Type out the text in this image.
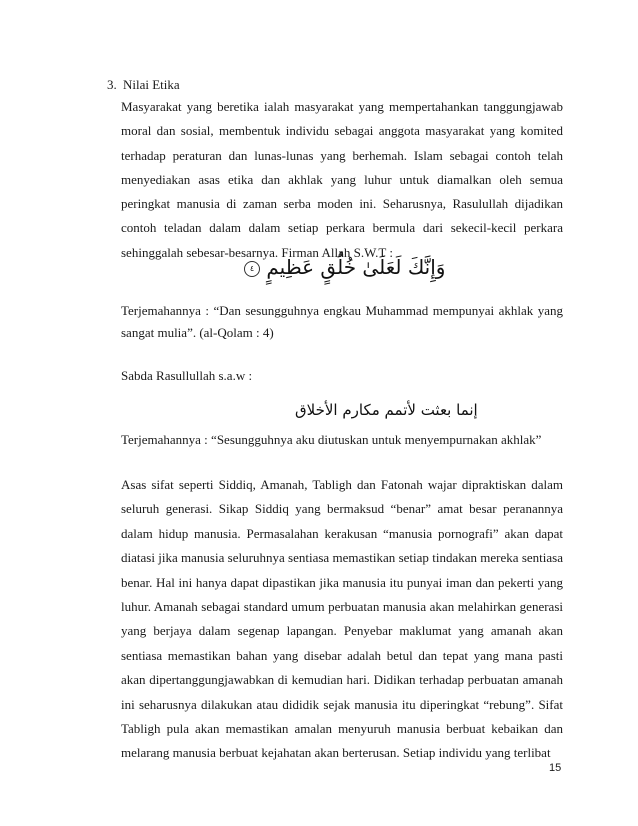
3. Nilai Etika

Masyarakat yang beretika ialah masyarakat yang mempertahankan tanggungjawab moral dan sosial, membentuk individu sebagai anggota masyarakat yang komited terhadap peraturan dan lunas-lunas yang berhemah. Islam sebagai contoh telah menyediakan asas etika dan akhlak yang luhur untuk diamalkan oleh semua peringkat manusia di zaman serba moden ini. Seharusnya, Rasulullah dijadikan contoh teladan dalam dalam setiap perkara bermula dari sekecil-kecil perkara sehinggalah sebesar-besarnya. Firman Allah S.W.T :

وَإِنَّكَ لَعَلَىٰ خُلُقٍ عَظِيمٍ ٤

Terjemahannya : “Dan sesungguhnya engkau Muhammad mempunyai akhlak yang sangat mulia”. (al-Qolam : 4)

Sabda Rasullullah s.a.w :

إنما بعثت لأتمم مكارم الأخلاق

Terjemahannya : “Sesungguhnya aku diutuskan untuk menyempurnakan akhlak”

Asas sifat seperti Siddiq, Amanah, Tabligh dan Fatonah wajar dipraktiskan dalam seluruh generasi. Sikap Siddiq yang bermaksud “benar” amat besar peranannya dalam hidup manusia. Permasalahan kerakusan “manusia pornografi” akan dapat diatasi jika manusia seluruhnya sentiasa memastikan setiap tindakan mereka sentiasa benar. Hal ini hanya dapat dipastikan jika manusia itu punyai iman dan pekerti yang luhur. Amanah sebagai standard umum perbuatan manusia akan melahirkan generasi yang berjaya dalam segenap lapangan. Penyebar maklumat yang amanah akan sentiasa memastikan bahan yang disebar adalah betul dan tepat yang mana pasti akan dipertanggungjawabkan di kemudian hari. Didikan terhadap perbuatan amanah ini seharusnya dilakukan atau dididik sejak manusia itu diperingkat “rebung”. Sifat Tabligh pula akan memastikan amalan menyuruh manusia berbuat kebaikan dan melarang manusia berbuat kejahatan akan berterusan. Setiap individu yang terlibat

15
